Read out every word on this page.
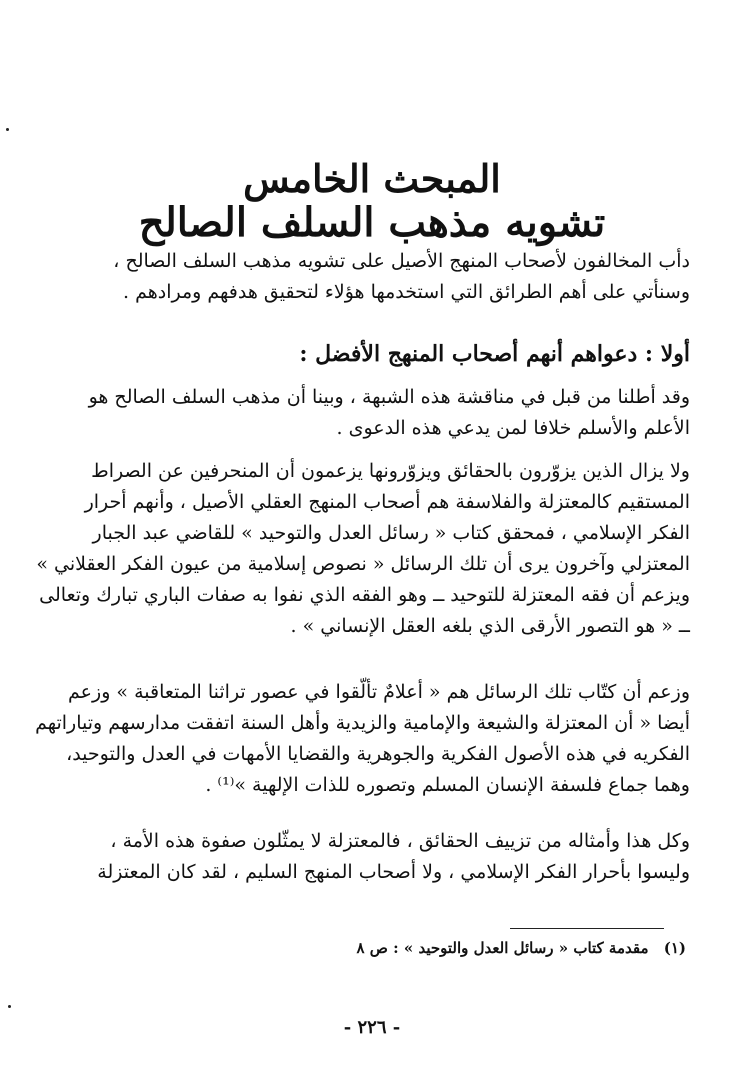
المبحث الخامس
تشويه مذهب السلف الصالح
دأب المخالفون لأصحاب المنهج الأصيل على تشويه مذهب السلف الصالح ،
وسنأتي على أهم الطرائق التي استخدمها هؤلاء لتحقيق هدفهم ومرادهم .
أولا : دعواهم أنهم أصحاب المنهج الأفضل :
وقد أطلنا من قبل في مناقشة هذه الشبهة ، وبينا أن مذهب السلف الصالح هو
الأعلم والأسلم خلافا لمن يدعي هذه الدعوى .
ولا يزال الذين يزوّرون بالحقائق ويزوّرونها يزعمون أن المنحرفين عن الصراط
المستقيم كالمعتزلة والفلاسفة هم أصحاب المنهج العقلي الأصيل ، وأنهم أحرار
الفكر الإسلامي ، فمحقق كتاب « رسائل العدل والتوحيد » للقاضي عبد الجبار
المعتزلي وآخرون يرى أن تلك الرسائل « نصوص إسلامية من عيون الفكر العقلاني »
ويزعم أن فقه المعتزلة للتوحيد ــ وهو الفقه الذي نفوا به صفات الباري تبارك وتعالى
ــ « هو التصور الأرقى الذي بلغه العقل الإنساني » .
وزعم أن كتّاب تلك الرسائل هم « أعلامٌ تألّقوا في عصور تراثنا المتعاقبة » وزعم
أيضا « أن المعتزلة والشيعة والإمامية والزيدية وأهل السنة اتفقت مدارسهم وتياراتهم
الفكريه في هذه الأصول الفكرية والجوهرية والقضايا الأمهات في العدل والتوحيد،
وهما جماع فلسفة الإنسان المسلم وتصوره للذات الإلهية »⁽¹⁾ .
وكل هذا وأمثاله من تزييف الحقائق ، فالمعتزلة لا يمثّلون صفوة هذه الأمة ،
وليسوا بأحرار الفكر الإسلامي ، ولا أصحاب المنهج السليم ، لقد كان المعتزلة
(١) مقدمة كتاب « رسائل العدل والتوحيد » : ص ٨
- ٢٢٦ -
